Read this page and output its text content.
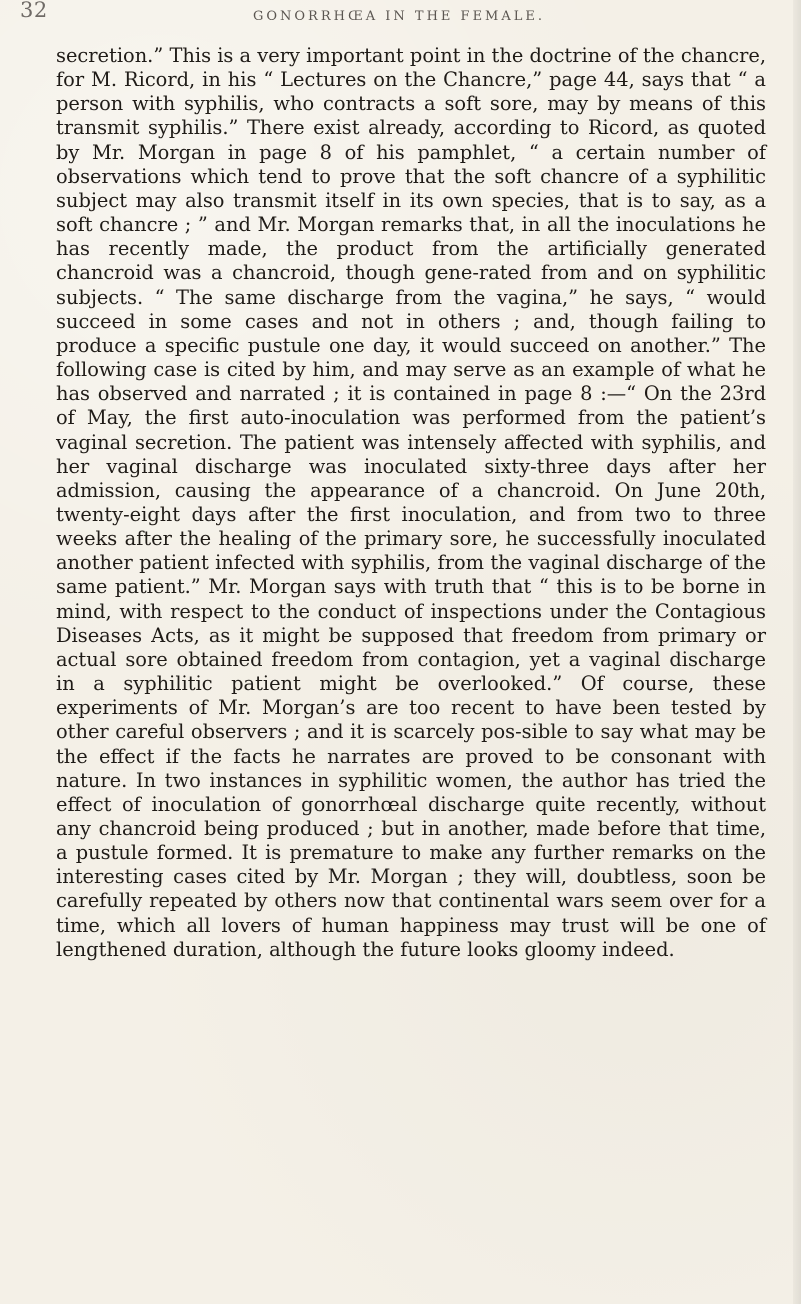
32	GONORRHŒA IN THE FEMALE.

secretion.” This is a very important point in the doctrine of the chancre, for M. Ricord, in his “ Lectures on the Chancre,” page 44, says that “ a person with syphilis, who contracts a soft sore, may by means of this transmit syphilis.” There exist already, according to Ricord, as quoted by Mr. Morgan in page 8 of his pamphlet, “ a certain number of observations which tend to prove that the soft chancre of a syphilitic subject may also transmit itself in its own species, that is to say, as a soft chancre ; ” and Mr. Morgan remarks that, in all the inoculations he has recently made, the product from the artificially generated chancroid was a chancroid, though gene-rated from and on syphilitic subjects. “ The same discharge from the vagina,” he says, “ would succeed in some cases and not in others ; and, though failing to produce a specific pustule one day, it would succeed on another.” The following case is cited by him, and may serve as an example of what he has observed and narrated ; it is contained in page 8 :—“ On the 23rd of May, the first auto-inoculation was performed from the patient’s vaginal secretion. The patient was intensely affected with syphilis, and her vaginal discharge was inoculated sixty-three days after her admission, causing the appearance of a chancroid. On June 20th, twenty-eight days after the first inoculation, and from two to three weeks after the healing of the primary sore, he successfully inoculated another patient infected with syphilis, from the vaginal discharge of the same patient.” Mr. Morgan says with truth that “ this is to be borne in mind, with respect to the conduct of inspections under the Contagious Diseases Acts, as it might be supposed that freedom from primary or actual sore obtained freedom from contagion, yet a vaginal discharge in a syphilitic patient might be overlooked.” Of course, these experiments of Mr. Morgan’s are too recent to have been tested by other careful observers ; and it is scarcely pos-sible to say what may be the effect if the facts he narrates are proved to be consonant with nature. In two instances in syphilitic women, the author has tried the effect of inoculation of gonorrhœal discharge quite recently, without any chancroid being produced ; but in another, made before that time, a pustule formed. It is premature to make any further remarks on the interesting cases cited by Mr. Morgan ; they will, doubtless, soon be carefully repeated by others now that continental wars seem over for a time, which all lovers of human happiness may trust will be one of lengthened duration, although the future looks gloomy indeed.
